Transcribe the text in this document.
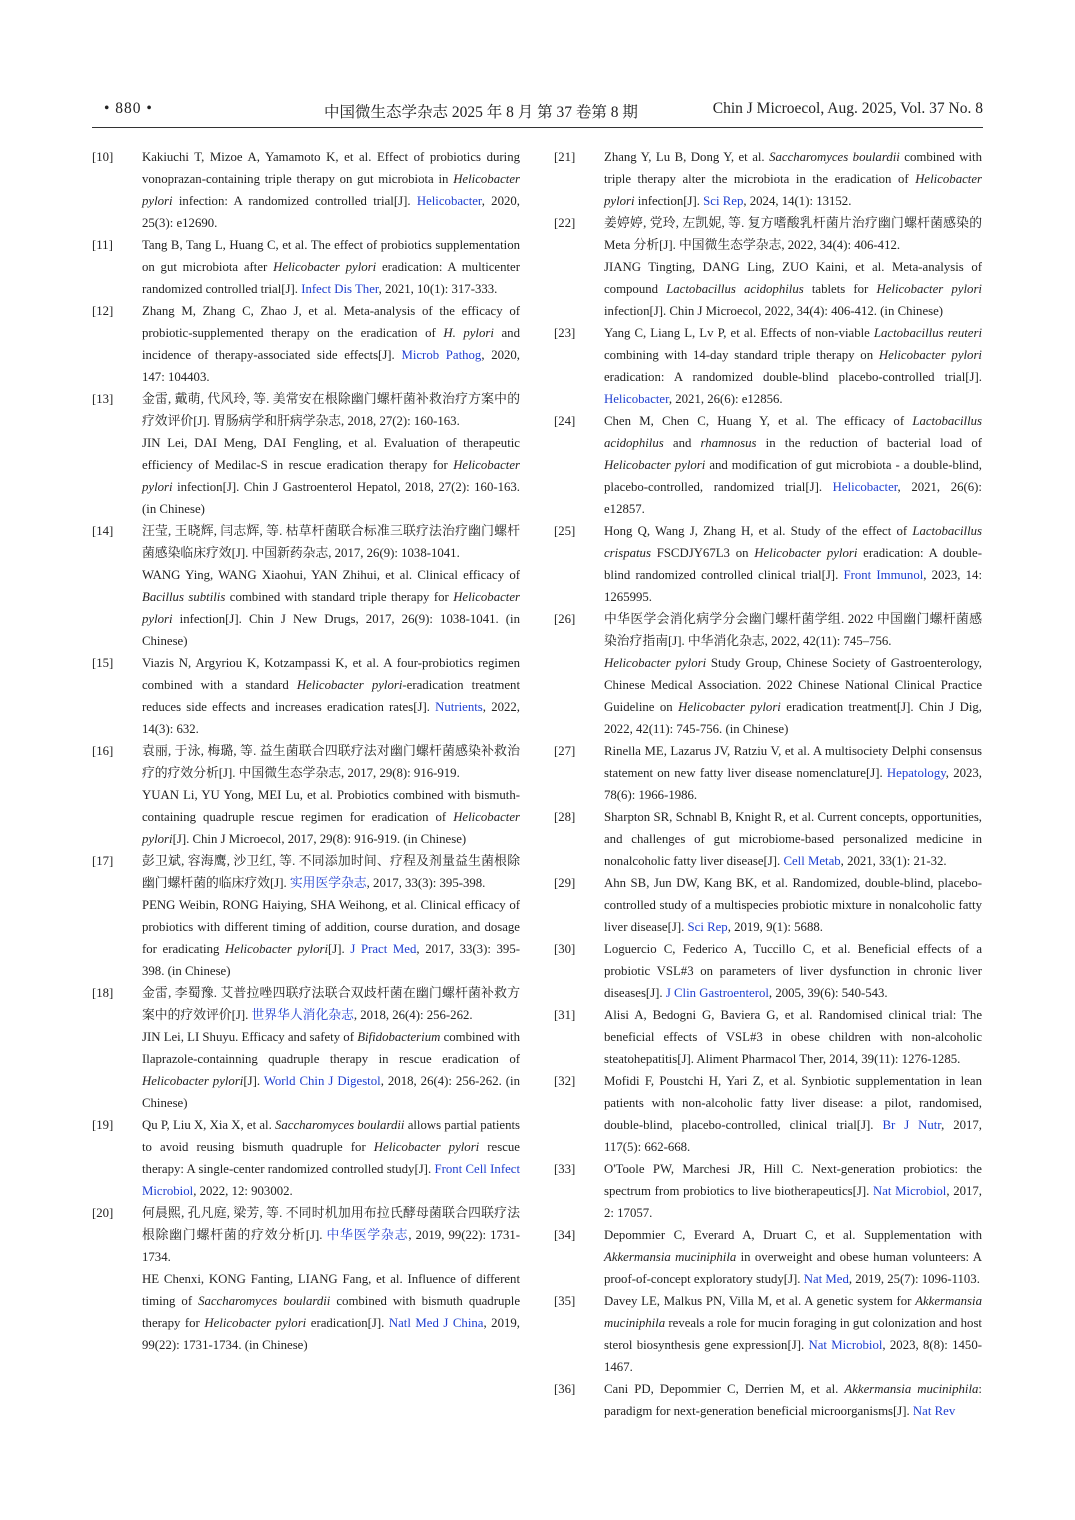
• 880 •	中国微生态学杂志 2025 年 8 月 第 37 卷第 8 期	Chin J Microecol, Aug. 2025, Vol. 37 No. 8
[10] Kakiuchi T, Mizoe A, Yamamoto K, et al. Effect of probiotics during vonoprazan-containing triple therapy on gut microbiota in Helicobacter pylori infection: A randomized controlled trial[J]. Helicobacter, 2020, 25(3): e12690.

[11] Tang B, Tang L, Huang C, et al. The effect of probiotics supplementation on gut microbiota after Helicobacter pylori eradication: A multicenter randomized controlled trial[J]. Infect Dis Ther, 2021, 10(1): 317-333.

[12] Zhang M, Zhang C, Zhao J, et al. Meta-analysis of the efficacy of probiotic-supplemented therapy on the eradication of H. pylori and incidence of therapy-associated side effects[J]. Microb Pathog, 2020, 147: 104403.

[13] 金雷, 戴萌, 代风玲, 等. 美常安在根除幽门螺杆菌补救治疗方案中的疗效评价[J]. 胃肠病学和肝病学杂志, 2018, 27(2): 160-163.

JIN Lei, DAI Meng, DAI Fengling, et al. Evaluation of therapeutic efficiency of Medilac-S in rescue eradication therapy for Helicobacter pylori infection[J]. Chin J Gastroenterol Hepatol, 2018, 27(2): 160-163. (in Chinese)

[14] 汪莹, 王晓辉, 闫志辉, 等. 枯草杆菌联合标准三联疗法治疗幽门螺杆菌感染临床疗效[J]. 中国新药杂志, 2017, 26(9): 1038-1041.

WANG Ying, WANG Xiaohui, YAN Zhihui, et al. Clinical efficacy of Bacillus subtilis combined with standard triple therapy for Helicobacter pylori infection[J]. Chin J New Drugs, 2017, 26(9): 1038-1041. (in Chinese)

[15] Viazis N, Argyriou K, Kotzampassi K, et al. A four-probiotics regimen combined with a standard Helicobacter pylori-eradication treatment reduces side effects and increases eradication rates[J]. Nutrients, 2022, 14(3): 632.

[16] 袁丽, 于泳, 梅璐, 等. 益生菌联合四联疗法对幽门螺杆菌感染补救治疗的疗效分析[J]. 中国微生态学杂志, 2017, 29(8): 916-919.

YUAN Li, YU Yong, MEI Lu, et al. Probiotics combined with bismuth-containing quadruple rescue regimen for eradication of Helicobacter pylori[J]. Chin J Microecol, 2017, 29(8): 916-919. (in Chinese)

[17] 彭卫斌, 容海鹰, 沙卫红, 等. 不同添加时间、疗程及剂量益生菌根除幽门螺杆菌的临床疗效[J]. 实用医学杂志, 2017, 33(3): 395-398.

PENG Weibin, RONG Haiying, SHA Weihong, et al. Clinical efficacy of probiotics with different timing of addition, course duration, and dosage for eradicating Helicobacter pylori[J]. J Pract Med, 2017, 33(3): 395-398. (in Chinese)

[18] 金雷, 李蜀豫. 艾普拉唑四联疗法联合双歧杆菌在幽门螺杆菌补救方案中的疗效评价[J]. 世界华人消化杂志, 2018, 26(4): 256-262.

JIN Lei, LI Shuyu. Efficacy and safety of Bifidobacterium combined with Ilaprazole-containning quadruple therapy in rescue eradication of Helicobacter pylori[J]. World Chin J Digestol, 2018, 26(4): 256-262. (in Chinese)

[19] Qu P, Liu X, Xia X, et al. Saccharomyces boulardii allows partial patients to avoid reusing bismuth quadruple for Helicobacter pylori rescue therapy: A single-center randomized controlled study[J]. Front Cell Infect Microbiol, 2022, 12: 903002.

[20] 何晨熙, 孔凡庭, 梁芳, 等. 不同时机加用布拉氏酵母菌联合四联疗法根除幽门螺杆菌的疗效分析[J]. 中华医学杂志, 2019, 99(22): 1731-1734.

HE Chenxi, KONG Fanting, LIANG Fang, et al. Influence of different timing of Saccharomyces boulardii combined with bismuth quadruple therapy for Helicobacter pylori eradication[J]. Natl Med J China, 2019, 99(22): 1731-1734. (in Chinese)

[21] Zhang Y, Lu B, Dong Y, et al. Saccharomyces boulardii combined with triple therapy alter the microbiota in the eradication of Helicobacter pylori infection[J]. Sci Rep, 2024, 14(1): 13152.

[22] 姜婷婷, 党玲, 左凯妮, 等. 复方嗜酸乳杆菌片治疗幽门螺杆菌感染的 Meta 分析[J]. 中国微生态学杂志, 2022, 34(4): 406-412.

JIANG Tingting, DANG Ling, ZUO Kaini, et al. Meta-analysis of compound Lactobacillus acidophilus tablets for Helicobacter pylori infection[J]. Chin J Microecol, 2022, 34(4): 406-412. (in Chinese)

[23] Yang C, Liang L, Lv P, et al. Effects of non-viable Lactobacillus reuteri combining with 14-day standard triple therapy on Helicobacter pylori eradication: A randomized double-blind placebo-controlled trial[J]. Helicobacter, 2021, 26(6): e12856.

[24] Chen M, Chen C, Huang Y, et al. The efficacy of Lactobacillus acidophilus and rhamnosus in the reduction of bacterial load of Helicobacter pylori and modification of gut microbiota - a double-blind, placebo-controlled, randomized trial[J]. Helicobacter, 2021, 26(6): e12857.

[25] Hong Q, Wang J, Zhang H, et al. Study of the effect of Lactobacillus crispatus FSCDJY67L3 on Helicobacter pylori eradication: A double-blind randomized controlled clinical trial[J]. Front Immunol, 2023, 14: 1265995.

[26] 中华医学会消化病学分会幽门螺杆菌学组. 2022 中国幽门螺杆菌感染治疗指南[J]. 中华消化杂志, 2022, 42(11): 745–756.

Helicobacter pylori Study Group, Chinese Society of Gastroenterology, Chinese Medical Association. 2022 Chinese National Clinical Practice Guideline on Helicobacter pylori eradication treatment[J]. Chin J Dig, 2022, 42(11): 745-756. (in Chinese)

[27] Rinella ME, Lazarus JV, Ratziu V, et al. A multisociety Delphi consensus statement on new fatty liver disease nomenclature[J]. Hepatology, 2023, 78(6): 1966-1986.

[28] Sharpton SR, Schnabl B, Knight R, et al. Current concepts, opportunities, and challenges of gut microbiome-based personalized medicine in nonalcoholic fatty liver disease[J]. Cell Metab, 2021, 33(1): 21-32.

[29] Ahn SB, Jun DW, Kang BK, et al. Randomized, double-blind, placebo-controlled study of a multispecies probiotic mixture in nonalcoholic fatty liver disease[J]. Sci Rep, 2019, 9(1): 5688.

[30] Loguercio C, Federico A, Tuccillo C, et al. Beneficial effects of a probiotic VSL#3 on parameters of liver dysfunction in chronic liver diseases[J]. J Clin Gastroenterol, 2005, 39(6): 540-543.

[31] Alisi A, Bedogni G, Baviera G, et al. Randomised clinical trial: The beneficial effects of VSL#3 in obese children with non-alcoholic steatohepatitis[J]. Aliment Pharmacol Ther, 2014, 39(11): 1276-1285.

[32] Mofidi F, Poustchi H, Yari Z, et al. Synbiotic supplementation in lean patients with non-alcoholic fatty liver disease: a pilot, randomised, double-blind, placebo-controlled, clinical trial[J]. Br J Nutr, 2017, 117(5): 662-668.

[33] O'Toole PW, Marchesi JR, Hill C. Next-generation probiotics: the spectrum from probiotics to live biotherapeutics[J]. Nat Microbiol, 2017, 2: 17057.

[34] Depommier C, Everard A, Druart C, et al. Supplementation with Akkermansia muciniphila in overweight and obese human volunteers: A proof-of-concept exploratory study[J]. Nat Med, 2019, 25(7): 1096-1103.

[35] Davey LE, Malkus PN, Villa M, et al. A genetic system for Akkermansia muciniphila reveals a role for mucin foraging in gut colonization and host sterol biosynthesis gene expression[J]. Nat Microbiol, 2023, 8(8): 1450-1467.

[36] Cani PD, Depommier C, Derrien M, et al. Akkermansia muciniphila: paradigm for next-generation beneficial microorganisms[J]. Nat Rev
